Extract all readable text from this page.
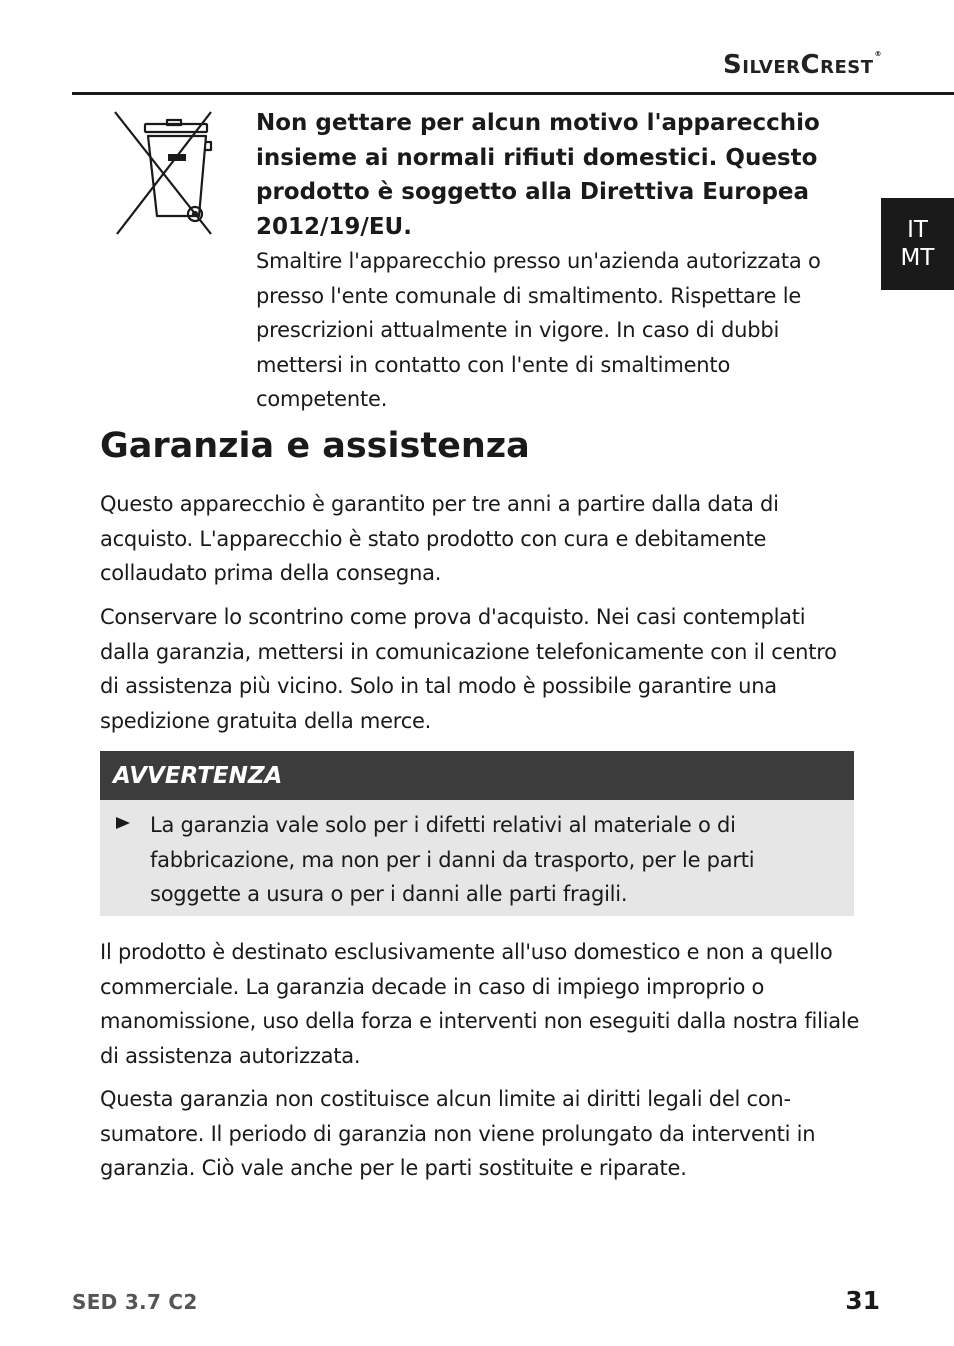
SilverCrest®
IT
MT

Non gettare per alcun motivo l'apparecchio insieme ai normali rifiuti domestici. Questo prodotto è soggetto alla Direttiva Europea 2012/19/EU.

Smaltire l'apparecchio presso un'azienda autorizzata o presso l'ente comunale di smaltimento. Rispettare le prescrizioni attualmente in vigore. In caso di dubbi mettersi in contatto con l'ente di smaltimento competente.

Garanzia e assistenza

Questo apparecchio è garantito per tre anni a partire dalla data di acquisto. L'apparecchio è stato prodotto con cura e debitamente collaudato prima della consegna.

Conservare lo scontrino come prova d'acquisto. Nei casi contemplati dalla garanzia, mettersi in comunicazione telefonicamente con il centro di assistenza più vicino. Solo in tal modo è possibile garantire una spedizione gratuita della merce.

AVVERTENZA

La garanzia vale solo per i difetti relativi al materiale o di fabbricazione, ma non per i danni da trasporto, per le parti soggette a usura o per i danni alle parti fragili.

Il prodotto è destinato esclusivamente all'uso domestico e non a quello commerciale. La garanzia decade in caso di impiego improprio o manomissione, uso della forza e interventi non eseguiti dalla nostra filiale di assistenza autorizzata.

Questa garanzia non costituisce alcun limite ai diritti legali del consumatore. Il periodo di garanzia non viene prolungato da interventi in garanzia. Ciò vale anche per le parti sostituite e riparate.

SED 3.7 C2	31
